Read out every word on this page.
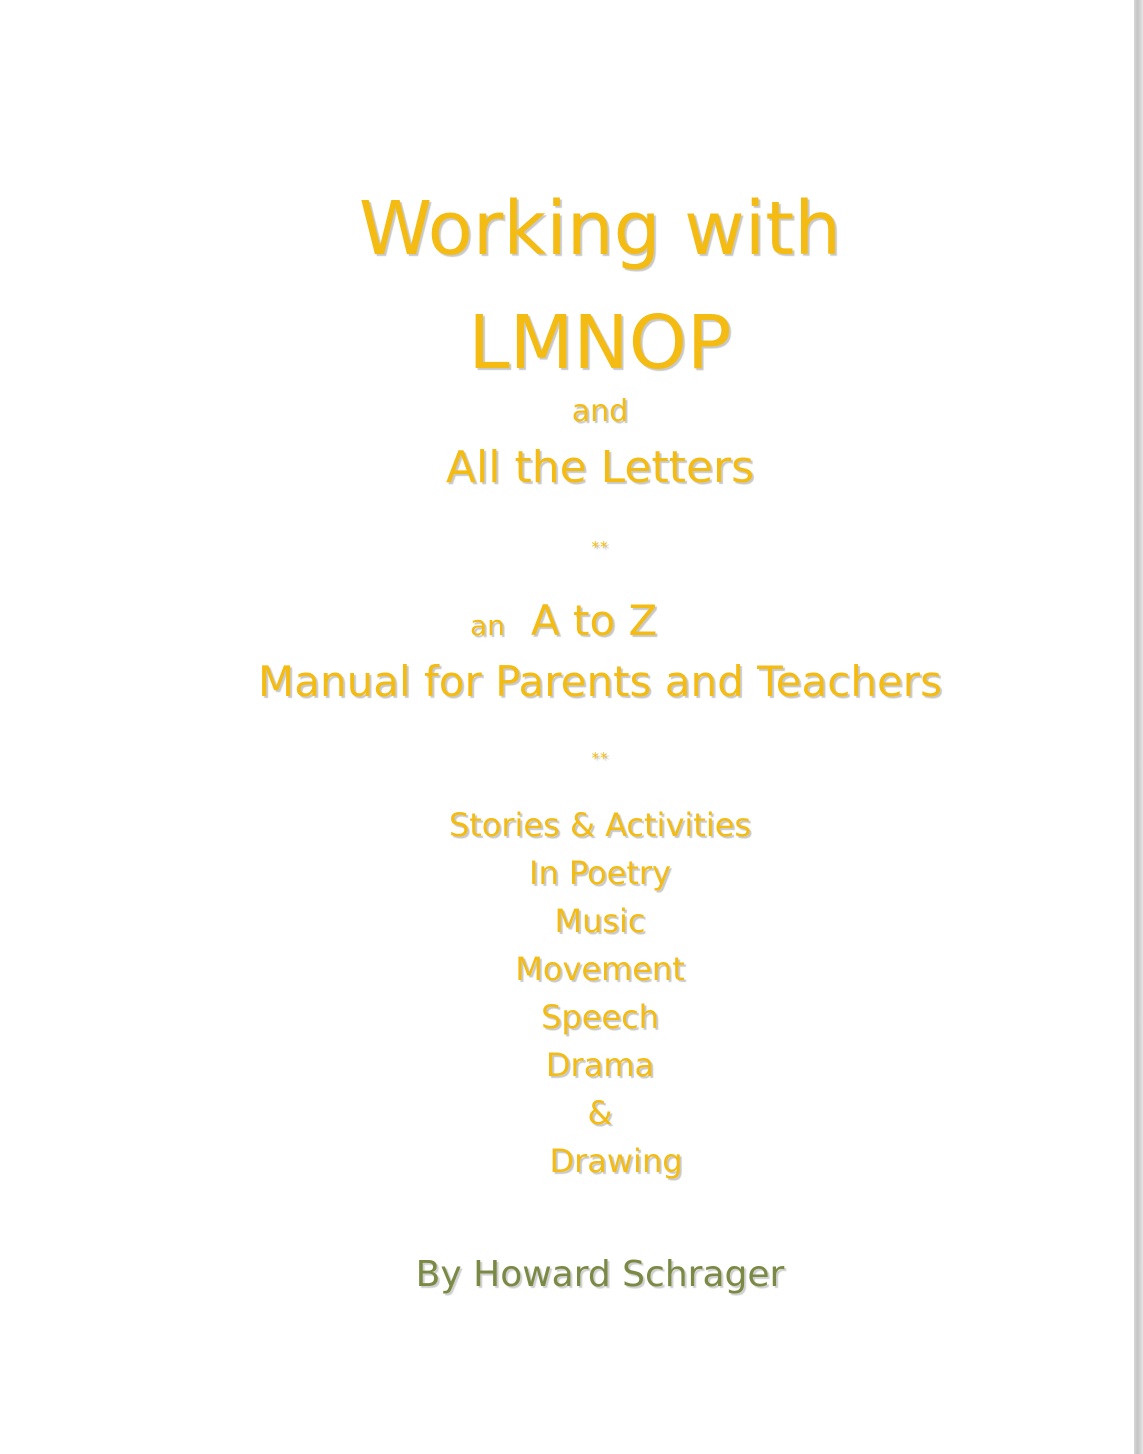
Working with
LMNOP
and
All the Letters
**
an A to Z
Manual for Parents and Teachers
**
Stories & Activities
In Poetry
Music
Movement
Speech
Drama
&
Drawing
By Howard Schrager
